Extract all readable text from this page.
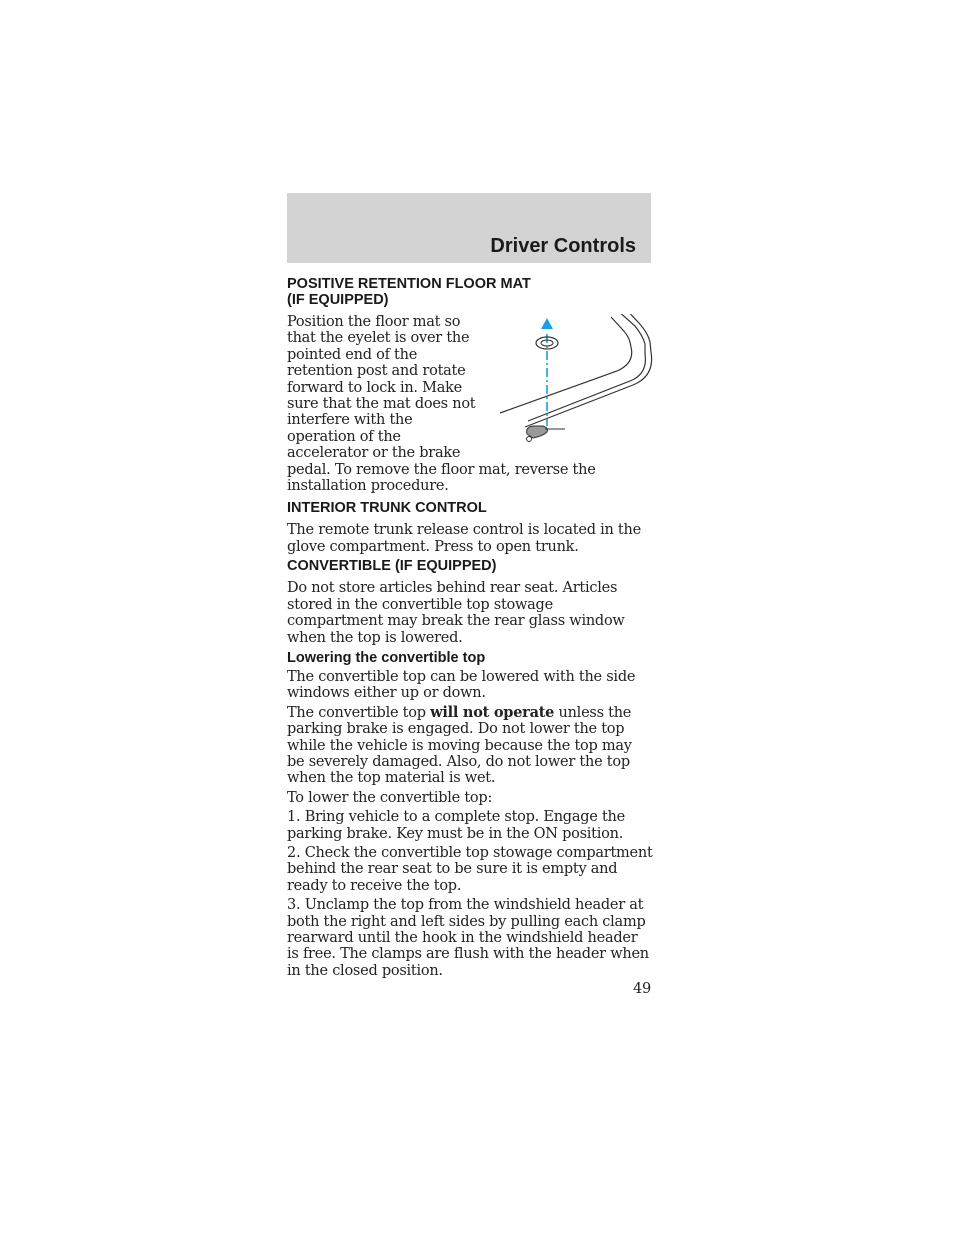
Driver Controls
POSITIVE RETENTION FLOOR MAT
(IF EQUIPPED)

Position the floor mat so that the eyelet is over the pointed end of the retention post and rotate forward to lock in. Make sure that the mat does not interfere with the operation of the accelerator or the brake pedal. To remove the floor mat, reverse the installation procedure.

INTERIOR TRUNK CONTROL

The remote trunk release control is located in the glove compartment. Press to open trunk.

CONVERTIBLE (IF EQUIPPED)

Do not store articles behind rear seat. Articles stored in the convertible top stowage compartment may break the rear glass window when the top is lowered.

Lowering the convertible top

The convertible top can be lowered with the side windows either up or down.

The convertible top will not operate unless the parking brake is engaged. Do not lower the top while the vehicle is moving because the top may be severely damaged. Also, do not lower the top when the top material is wet.

To lower the convertible top:

1. Bring vehicle to a complete stop. Engage the parking brake. Key must be in the ON position.

2. Check the convertible top stowage compartment behind the rear seat to be sure it is empty and ready to receive the top.

3. Unclamp the top from the windshield header at both the right and left sides by pulling each clamp rearward until the hook in the windshield header is free. The clamps are flush with the header when in the closed position.

49
